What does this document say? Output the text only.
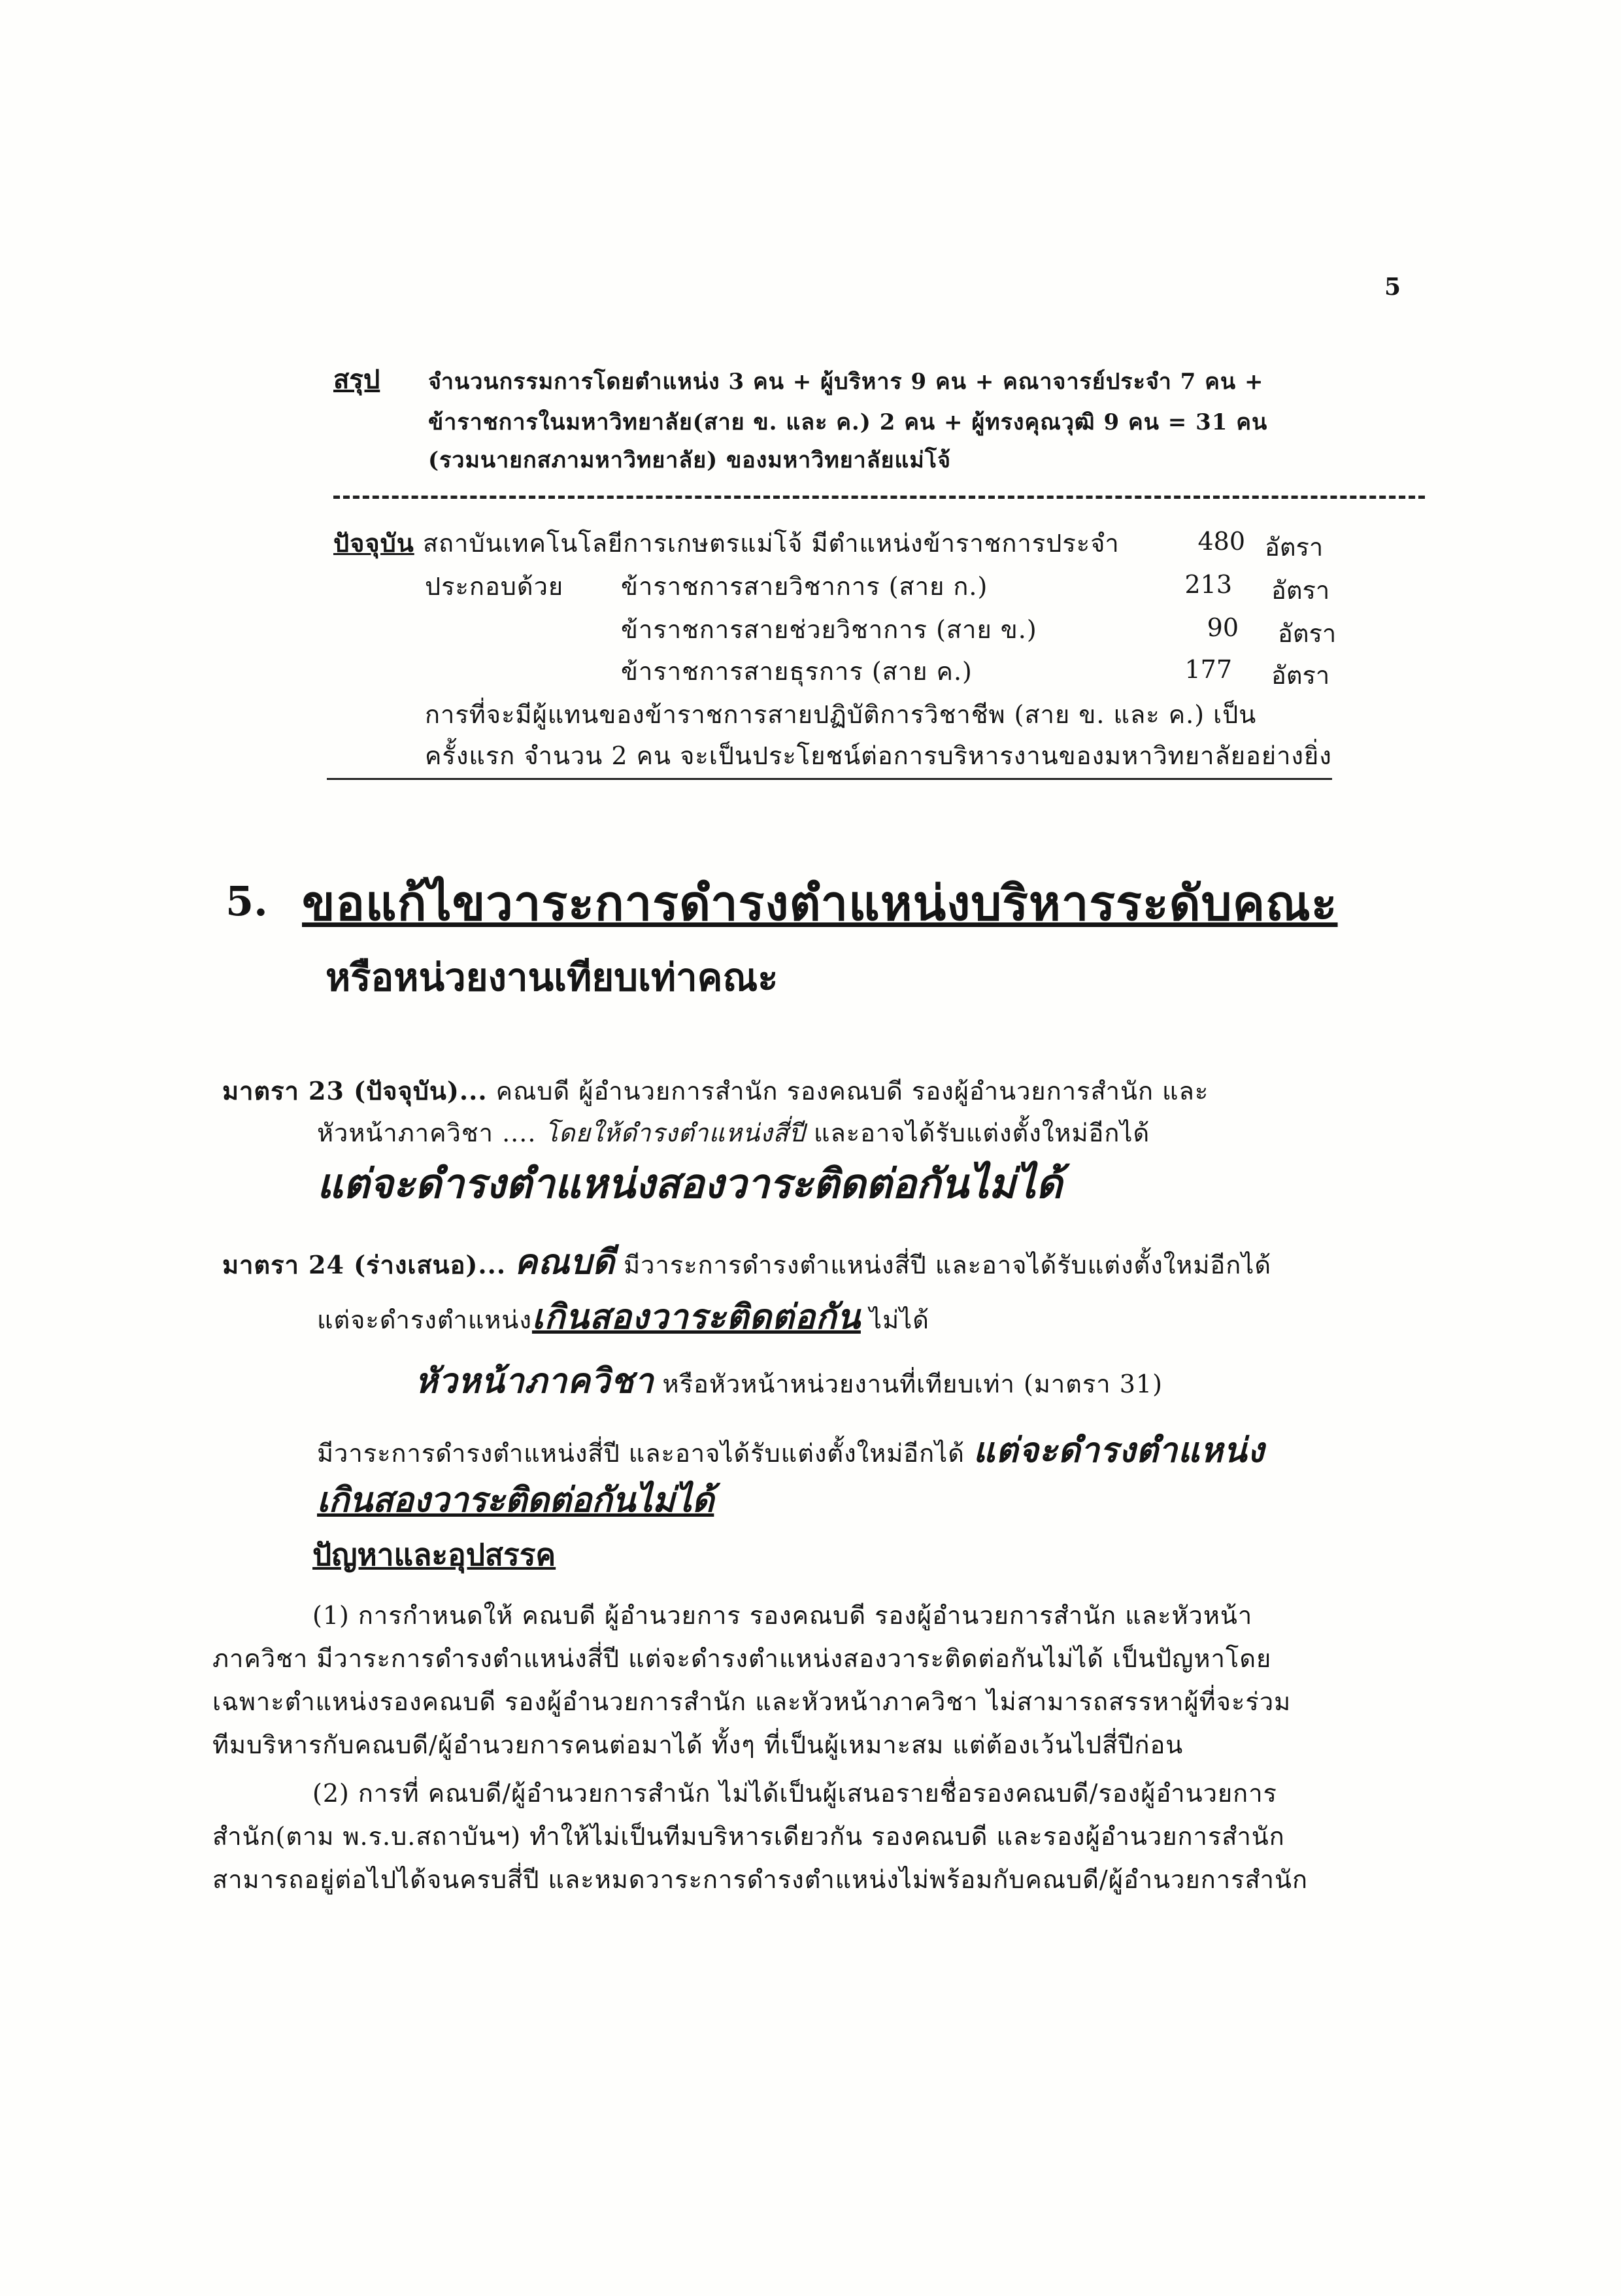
5
สรุป จำนวนกรรมการโดยตำแหน่ง 3 คน + ผู้บริหาร 9 คน + คณาจารย์ประจำ 7 คน +
ข้าราชการในมหาวิทยาลัย(สาย ข. และ ค.) 2 คน + ผู้ทรงคุณวุฒิ 9 คน = 31 คน
(รวมนายกสภามหาวิทยาลัย) ของมหาวิทยาลัยแม่โจ้
ปัจจุบัน สถาบันเทคโนโลยีการเกษตรแม่โจ้ มีตำแหน่งข้าราชการประจำ	480 อัตรา
ประกอบด้วย ข้าราชการสายวิชาการ (สาย ก.)	213 อัตรา
ข้าราชการสายช่วยวิชาการ (สาย ข.)	90 อัตรา
ข้าราชการสายธุรการ (สาย ค.)	177 อัตรา
การที่จะมีผู้แทนของข้าราชการสายปฏิบัติการวิชาชีพ (สาย ข. และ ค.) เป็น
ครั้งแรก จำนวน 2 คน จะเป็นประโยชน์ต่อการบริหารงานของมหาวิทยาลัยอย่างยิ่ง
5. ขอแก้ไขวาระการดำรงตำแหน่งบริหารระดับคณะ
หรือหน่วยงานเทียบเท่าคณะ
มาตรา 23 (ปัจจุบัน)... คณบดี ผู้อำนวยการสำนัก รองคณบดี รองผู้อำนวยการสำนัก และ
หัวหน้าภาควิชา .... โดยให้ดำรงตำแหน่งสี่ปี และอาจได้รับแต่งตั้งใหม่อีกได้
แต่จะดำรงตำแหน่งสองวาระติดต่อกันไม่ได้
มาตรา 24 (ร่างเสนอ)... คณบดี มีวาระการดำรงตำแหน่งสี่ปี และอาจได้รับแต่งตั้งใหม่อีกได้
แต่จะดำรงตำแหน่งเกินสองวาระติดต่อกัน ไม่ได้
หัวหน้าภาควิชา หรือหัวหน้าหน่วยงานที่เทียบเท่า (มาตรา 31)
มีวาระการดำรงตำแหน่งสี่ปี และอาจได้รับแต่งตั้งใหม่อีกได้ แต่จะดำรงตำแหน่ง
เกินสองวาระติดต่อกันไม่ได้
ปัญหาและอุปสรรค
(1) การกำหนดให้ คณบดี ผู้อำนวยการ รองคณบดี รองผู้อำนวยการสำนัก และหัวหน้า
ภาควิชา มีวาระการดำรงตำแหน่งสี่ปี แต่จะดำรงตำแหน่งสองวาระติดต่อกันไม่ได้ เป็นปัญหาโดย
เฉพาะตำแหน่งรองคณบดี รองผู้อำนวยการสำนัก และหัวหน้าภาควิชา ไม่สามารถสรรหาผู้ที่จะร่วม
ทีมบริหารกับคณบดี/ผู้อำนวยการคนต่อมาได้ ทั้งๆ ที่เป็นผู้เหมาะสม แต่ต้องเว้นไปสี่ปีก่อน
(2) การที่ คณบดี/ผู้อำนวยการสำนัก ไม่ได้เป็นผู้เสนอรายชื่อรองคณบดี/รองผู้อำนวยการ
สำนัก(ตาม พ.ร.บ.สถาบันฯ) ทำให้ไม่เป็นทีมบริหารเดียวกัน รองคณบดี และรองผู้อำนวยการสำนัก
สามารถอยู่ต่อไปได้จนครบสี่ปี และหมดวาระการดำรงตำแหน่งไม่พร้อมกับคณบดี/ผู้อำนวยการสำนัก
